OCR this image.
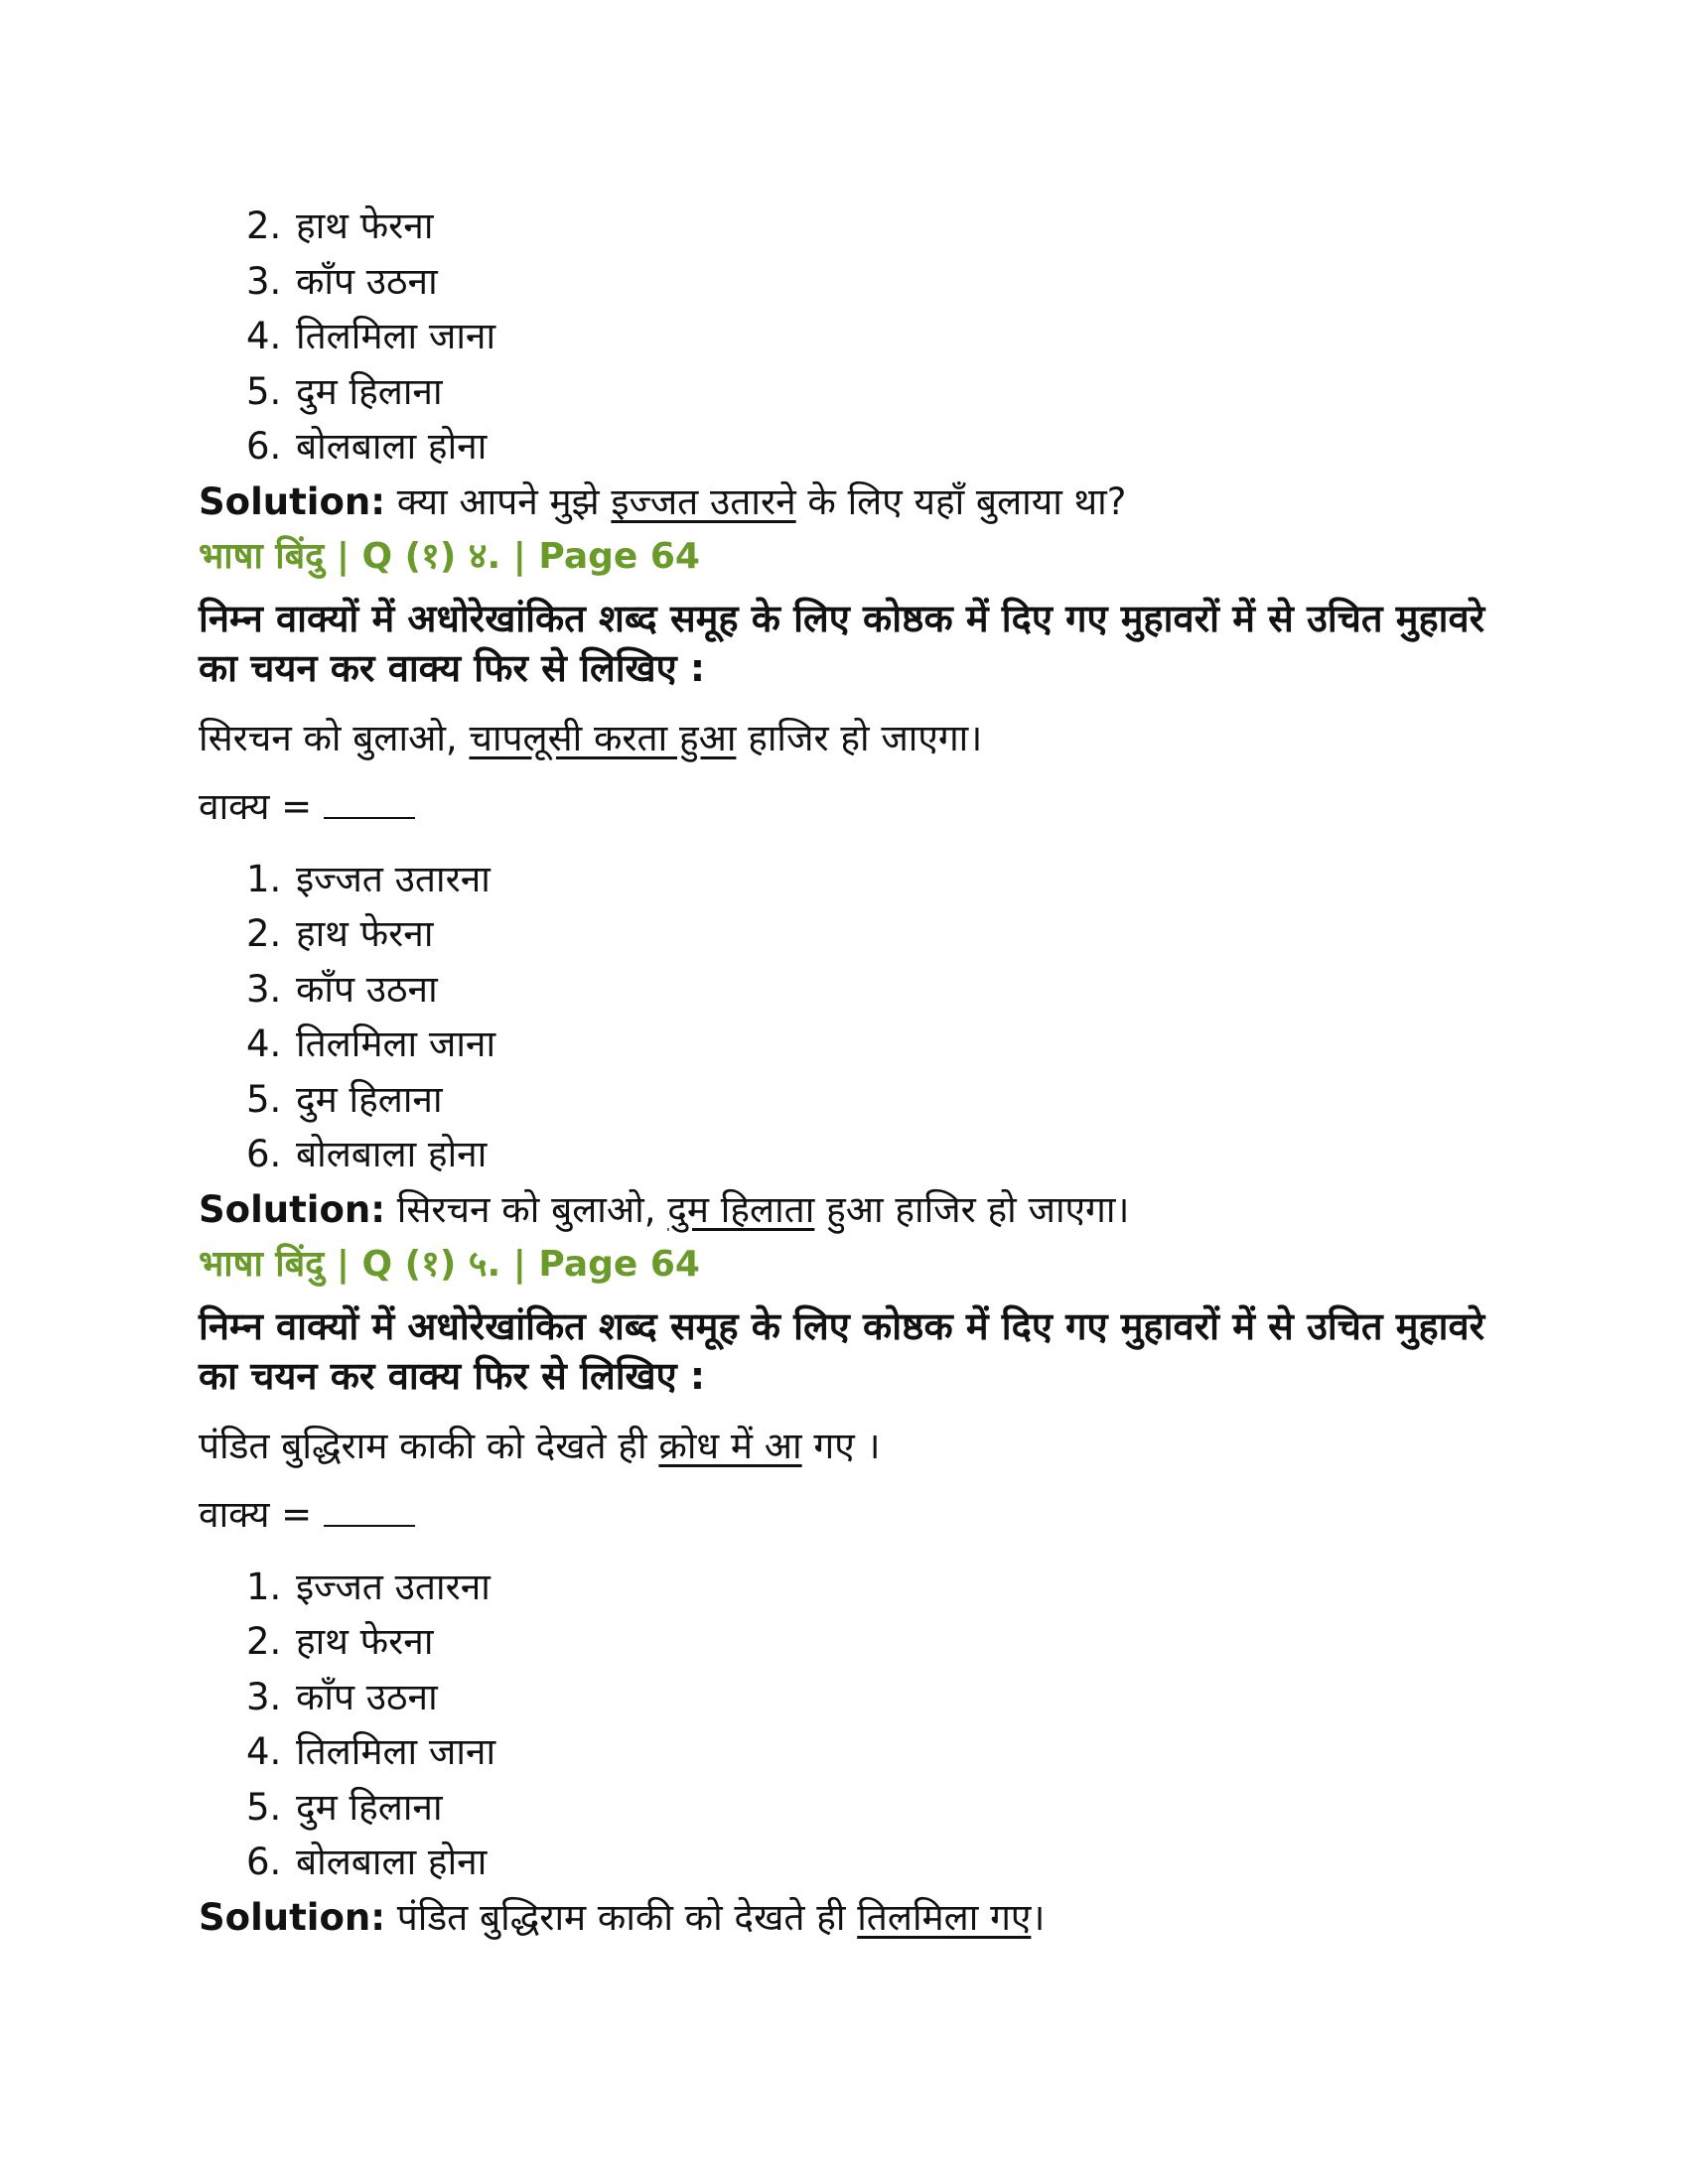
2. हाथ फेरना
3. काँप उठना
4. तिलमिला जाना
5. दुम हिलाना
6. बोलबाला होना
Solution: क्या आपने मुझे इज्जत उतारने के लिए यहाँ बुलाया था?
भाषा बिंदु | Q (१) ४. | Page 64
निम्न वाक्यों में अधोरेखांकित शब्द समूह के लिए कोष्ठक में दिए गए मुहावरों में से उचित मुहावरे का चयन कर वाक्य फिर से लिखिए :
सिरचन को बुलाओ, चापलूसी करता हुआ हाजिर हो जाएगा।
वाक्य =
1. इज्जत उतारना
2. हाथ फेरना
3. काँप उठना
4. तिलमिला जाना
5. दुम हिलाना
6. बोलबाला होना
Solution: सिरचन को बुलाओ, दुम हिलाता हुआ हाजिर हो जाएगा।
भाषा बिंदु | Q (१) ५. | Page 64
निम्न वाक्यों में अधोरेखांकित शब्द समूह के लिए कोष्ठक में दिए गए मुहावरों में से उचित मुहावरे का चयन कर वाक्य फिर से लिखिए :
पंडित बुद्धिराम काकी को देखते ही क्रोध में आ गए ।
वाक्य =
1. इज्जत उतारना
2. हाथ फेरना
3. काँप उठना
4. तिलमिला जाना
5. दुम हिलाना
6. बोलबाला होना
Solution: पंडित बुद्धिराम काकी को देखते ही तिलमिला गए।
